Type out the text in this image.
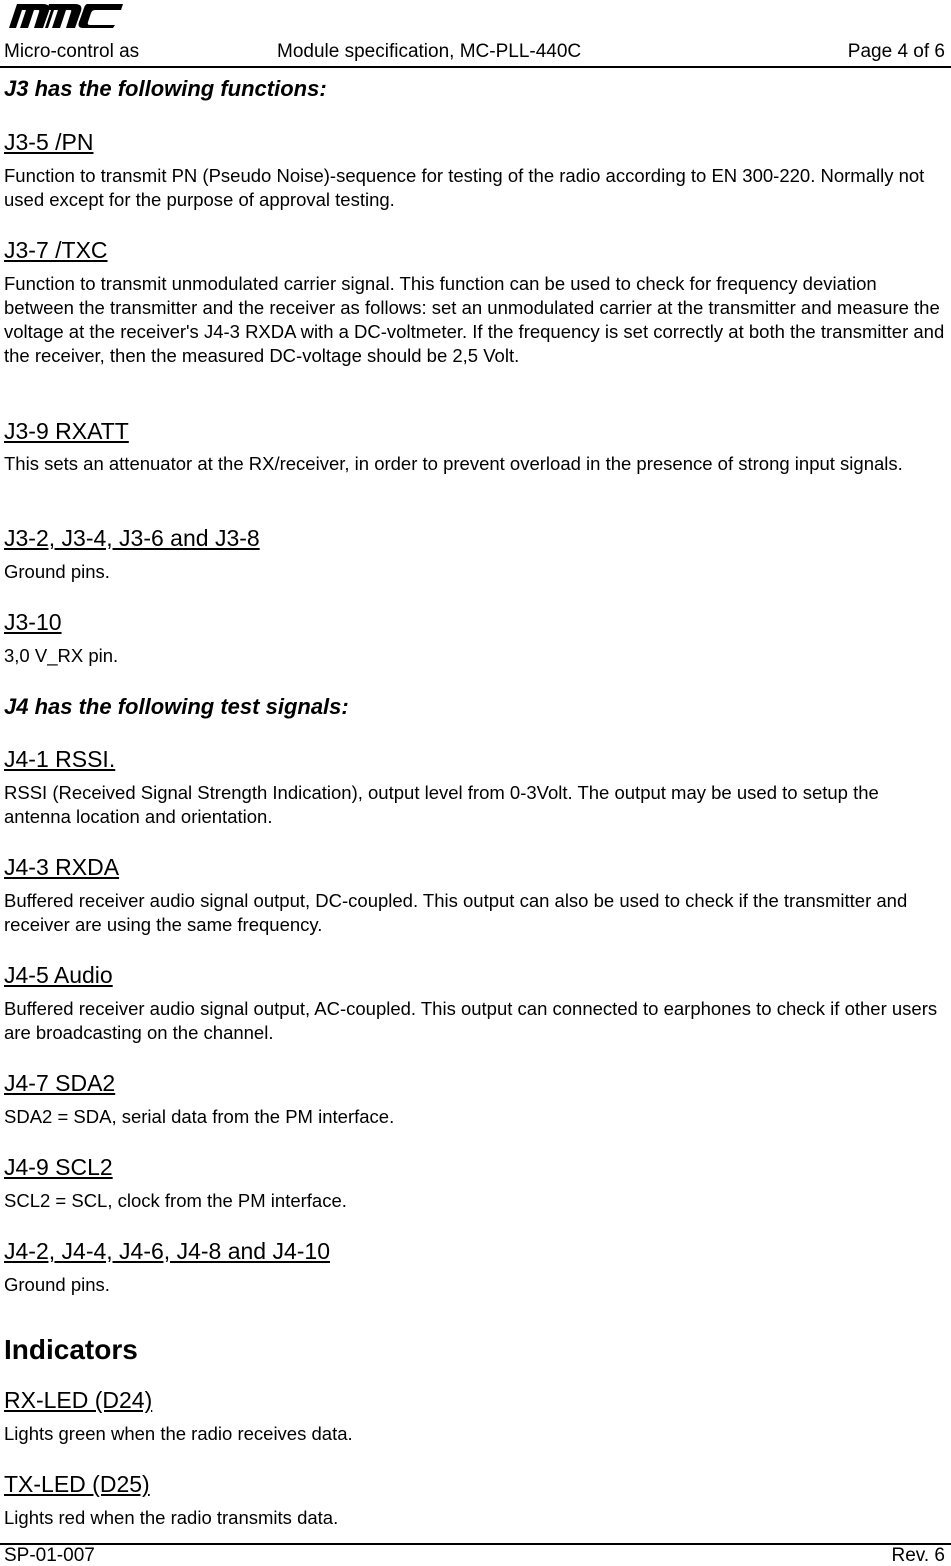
Micro-control as	Module specification, MC-PLL-440C	Page 4 of 6
J3 has the following functions:
J3-5 /PN

Function to transmit PN (Pseudo Noise)-sequence for testing of the radio according to EN 300-220. Normally not used except for the purpose of approval testing.

J3-7 /TXC

Function to transmit unmodulated carrier signal. This function can be used to check for frequency deviation between the transmitter and the receiver as follows: set an unmodulated carrier at the transmitter and measure the voltage at the receiver's J4-3 RXDA with a DC-voltmeter. If the frequency is set correctly at both the transmitter and the receiver, then the measured DC-voltage should be 2,5 Volt.

J3-9 RXATT

This sets an attenuator at the RX/receiver, in order to prevent overload in the presence of strong input signals.

J3-2, J3-4, J3-6 and J3-8

Ground pins.

J3-10

3,0 V_RX pin.

J4 has the following test signals:
J4-1 RSSI.

RSSI (Received Signal Strength Indication), output level from 0-3Volt. The output may be used to setup the antenna location and orientation.

J4-3 RXDA

Buffered receiver audio signal output, DC-coupled. This output can also be used to check if the transmitter and receiver are using the same frequency.

J4-5 Audio

Buffered receiver audio signal output, AC-coupled. This output can connected to earphones to check if other users are broadcasting on the channel.

J4-7 SDA2

SDA2 = SDA, serial data from the PM interface.

J4-9 SCL2

SCL2 = SCL, clock from the PM interface.

J4-2, J4-4, J4-6, J4-8 and J4-10

Ground pins.

Indicators
RX-LED (D24)

Lights green when the radio receives data.

TX-LED (D25)

Lights red when the radio transmits data.

SP-01-007	Rev. 6
